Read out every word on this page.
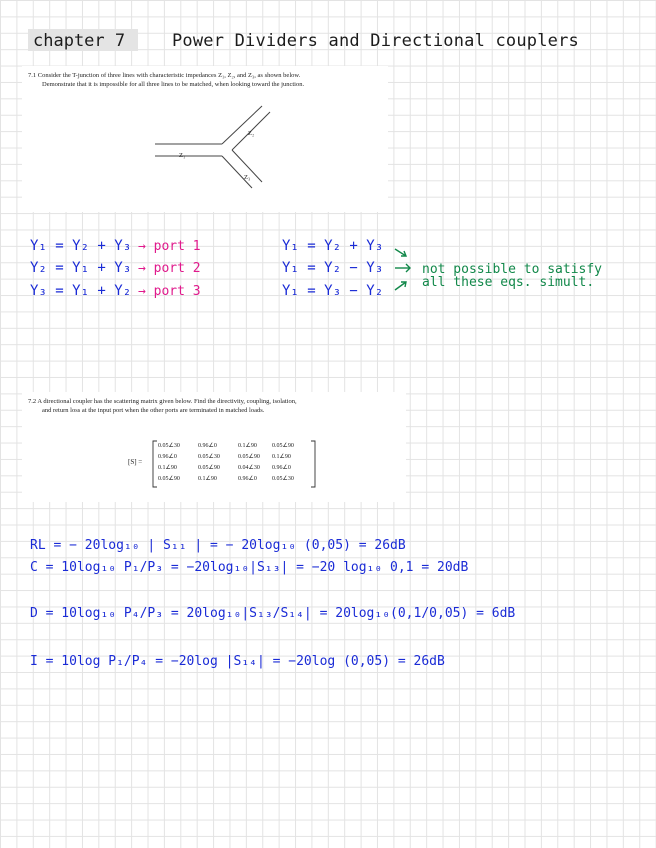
chapter 7	Power Dividers and Directional couplers
7.1 Consider the T-junction of three lines with characteristic impedances Z₁, Z₂, and Z₃, as shown below.
Demonstrate that it is impossible for all three lines to be matched, when looking toward the junction.
Z₁
Z₂
Z₃
Y₁ = Y₂ + Y₃ → port 1
Y₂ = Y₁ + Y₃ → port 2
Y₃ = Y₁ + Y₂ → port 3
Y₁ = Y₂ + Y₃
Y₁ = Y₂ − Y₃
Y₁ = Y₃ − Y₂
not possible to satisfy
all these eqs. simult.
7.2 A directional coupler has the scattering matrix given below. Find the directivity, coupling, isolation,
and return loss at the input port when the other ports are terminated in matched loads.
[S] =
0.05∠30	0.96∠0	0.1∠90	0.05∠90
0.96∠0	0.05∠30	0.05∠90 0.1∠90
0.1∠90	0.05∠90	0.04∠30 0.96∠0
0.05∠90	0.1∠90	0.96∠0	0.05∠30
RL = − 20log₁₀ | S₁₁ | = − 20log₁₀ (0,05) = 26dB
C = 10log₁₀ P₁/P₃ = −20log₁₀|S₁₃| = −20 log₁₀ 0,1 = 20dB
D = 10log₁₀ P₄/P₃ = 20log₁₀|S₁₃/S₁₄| = 20log₁₀(0,1/0,05) = 6dB
I = 10log P₁/P₄ = −20log |S₁₄| = −20log (0,05) = 26dB
